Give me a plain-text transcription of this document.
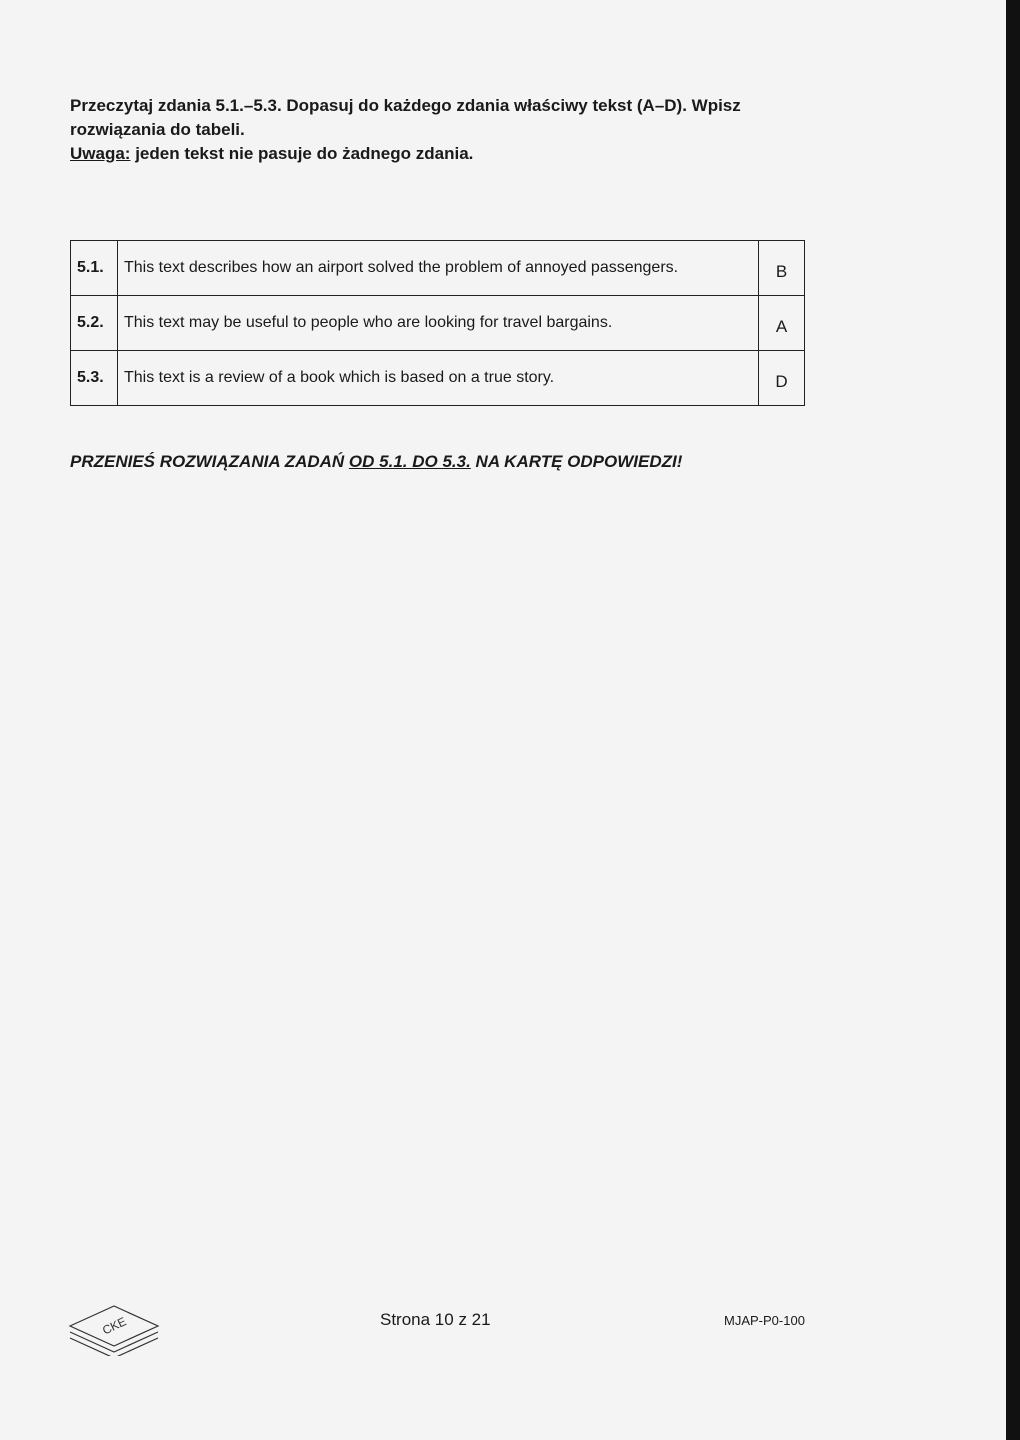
Przeczytaj zdania 5.1.–5.3. Dopasuj do każdego zdania właściwy tekst (A–D). Wpisz
rozwiązania do tabeli.
Uwaga: jeden tekst nie pasuje do żadnego zdania.
5.1.	This text describes how an airport solved the problem of annoyed passengers.	B
5.2.	This text may be useful to people who are looking for travel bargains.	A
5.3.	This text is a review of a book which is based on a true story.	D
PRZENIEŚ ROZWIĄZANIA ZADAŃ OD 5.1. DO 5.3. NA KARTĘ ODPOWIEDZI!
CKE	Strona 10 z 21	MJAP-P0-100
